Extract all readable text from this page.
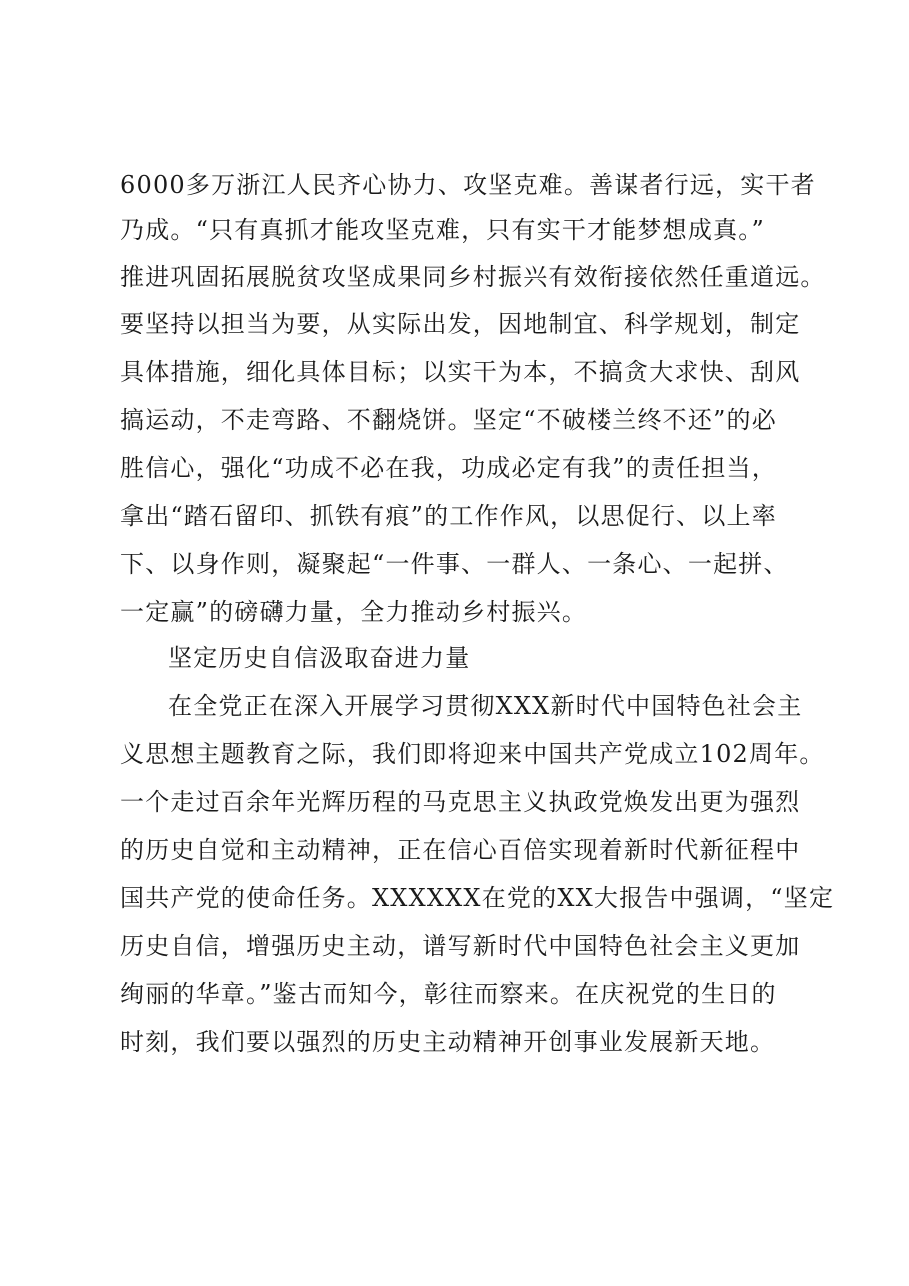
6000多万浙江人民齐心协力、攻坚克难。善谋者行远，实干者
乃成。“只有真抓才能攻坚克难，只有实干才能梦想成真。”
推进巩固拓展脱贫攻坚成果同乡村振兴有效衔接依然任重道远。
要坚持以担当为要，从实际出发，因地制宜、科学规划，制定
具体措施，细化具体目标；以实干为本，不搞贪大求快、刮风
搞运动，不走弯路、不翻烧饼。坚定“不破楼兰终不还”的必
胜信心，强化“功成不必在我，功成必定有我”的责任担当，
拿出“踏石留印、抓铁有痕”的工作作风，以思促行、以上率
下、以身作则，凝聚起“一件事、一群人、一条心、一起拼、
一定赢”的磅礴力量，全力推动乡村振兴。
坚定历史自信汲取奋进力量
在全党正在深入开展学习贯彻XXX新时代中国特色社会主
义思想主题教育之际，我们即将迎来中国共产党成立102周年。
一个走过百余年光辉历程的马克思主义执政党焕发出更为强烈
的历史自觉和主动精神，正在信心百倍实现着新时代新征程中
国共产党的使命任务。XXXXXX在党的XX大报告中强调，“坚定
历史自信，增强历史主动，谱写新时代中国特色社会主义更加
绚丽的华章。”鉴古而知今，彰往而察来。在庆祝党的生日的
时刻，我们要以强烈的历史主动精神开创事业发展新天地。
